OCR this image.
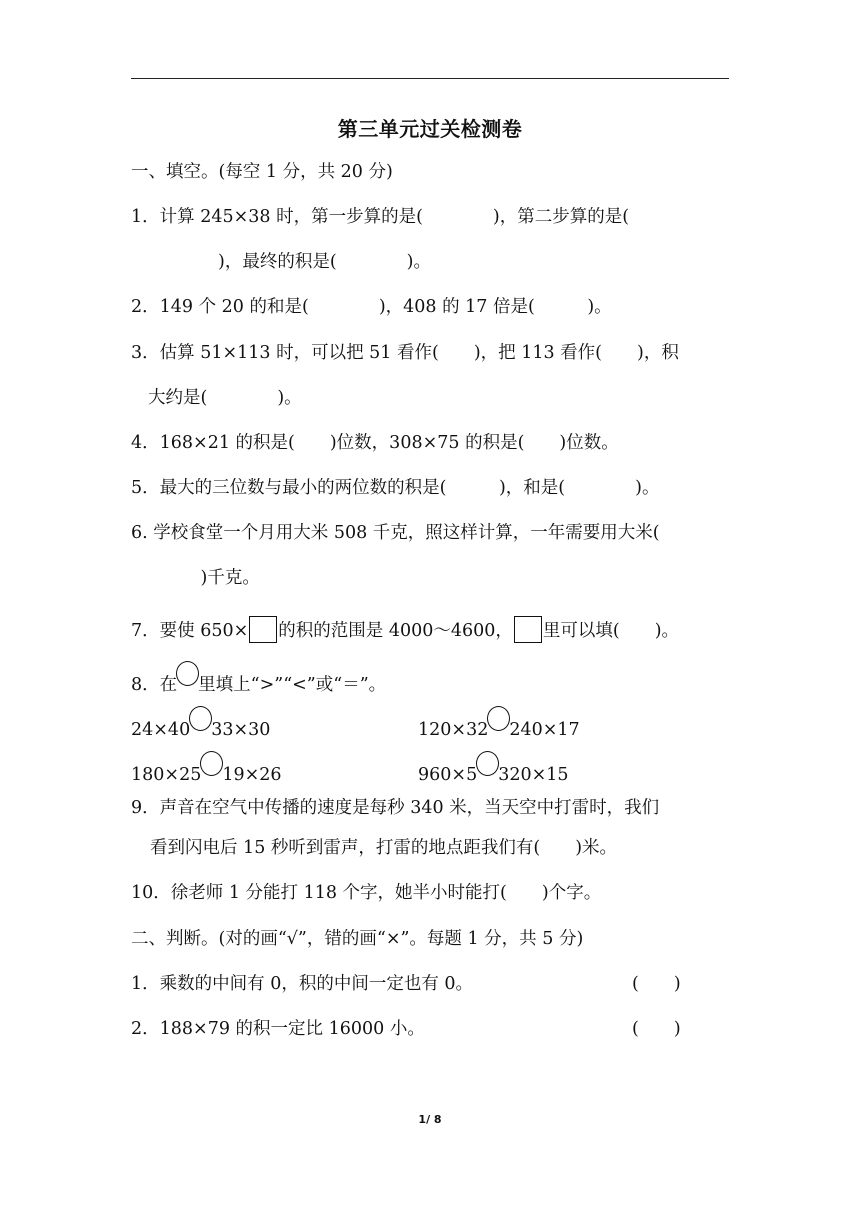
第三单元过关检测卷
一、填空。(每空 1 分，共 20 分)
1．计算 245×38 时，第一步算的是(　　　　)，第二步算的是(
　　　　)，最终的积是(　　　　)。
2．149 个 20 的和是(　　　　)，408 的 17 倍是(　　　)。
3．估算 51×113 时，可以把 51 看作(　　)，把 113 看作(　　)，积
大约是(　　　　)。
4．168×21 的积是(　　)位数，308×75 的积是(　　)位数。
5．最大的三位数与最小的两位数的积是(　　　)，和是(　　　　)。
6. 学校食堂一个月用大米 508 千克，照这样计算，一年需要用大米(
　　　)千克。
7．要使 650× 的积的范围是 4000～4600， 里可以填(　　)。
8．在 里填上“>”“<”或“＝”。
24×40 33×30	120×32 240×17
180×25 19×26	960×5 320×15
9．声音在空气中传播的速度是每秒 340 米，当天空中打雷时，我们
看到闪电后 15 秒听到雷声，打雷的地点距我们有(　　)米。
10．徐老师 1 分能打 118 个字，她半小时能打(　　)个字。
二、判断。(对的画“√”，错的画“×”。每题 1 分，共 5 分)
1．乘数的中间有 0，积的中间一定也有 0。	(　　)
2．188×79 的积一定比 16000 小。	(　　)
1/ 8
